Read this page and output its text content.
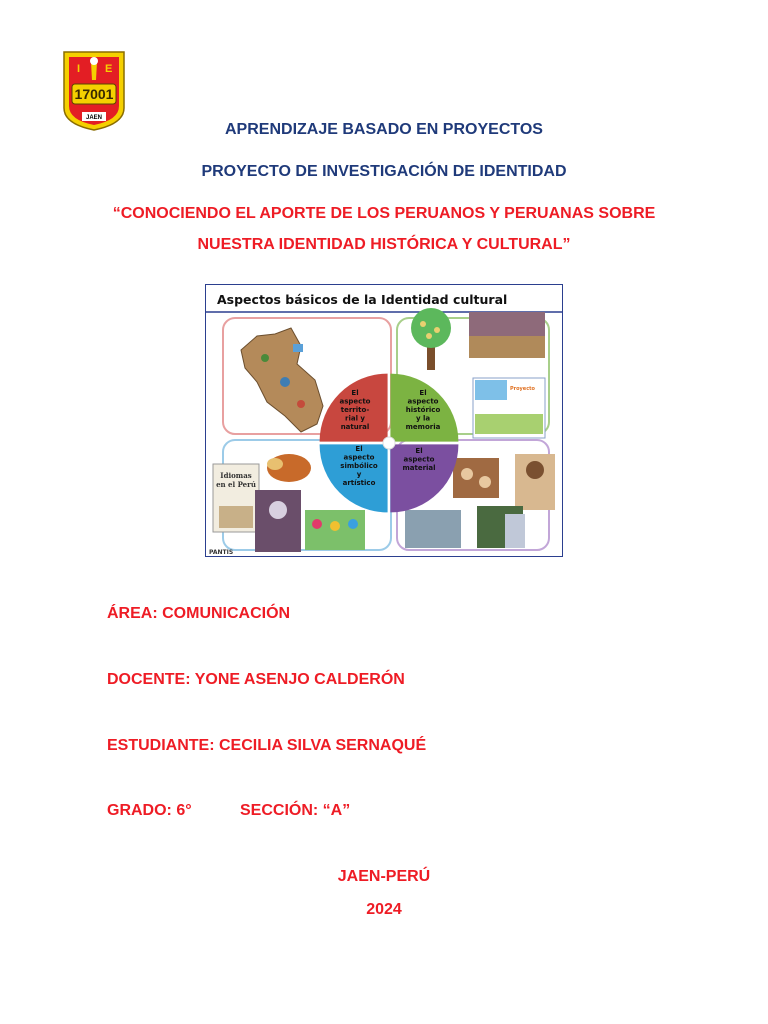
I E
17001
JAEN

APRENDIZAJE BASADO EN PROYECTOS

PROYECTO DE INVESTIGACIÓN DE IDENTIDAD

“CONOCIENDO EL APORTE DE LOS PERUANOS Y PERUANAS SOBRE

NUESTRA IDENTIDAD HISTÓRICA Y CULTURAL”

Aspectos básicos de la Identidad cultural
Proyecto
Idiomas
en el Perú
El
aspecto
territo-
rial y
natural
El
aspecto
histórico
y la
memoria
El
aspecto
simbólico
y
artístico
El
aspecto
material
PANTIS
ÁREA: COMUNICACIÓN
DOCENTE: YONE ASENJO CALDERÓN
ESTUDIANTE: CECILIA SILVA SERNAQUÉ
GRADO: 6°	SECCIÓN: “A”

JAEN-PERÚ

2024
